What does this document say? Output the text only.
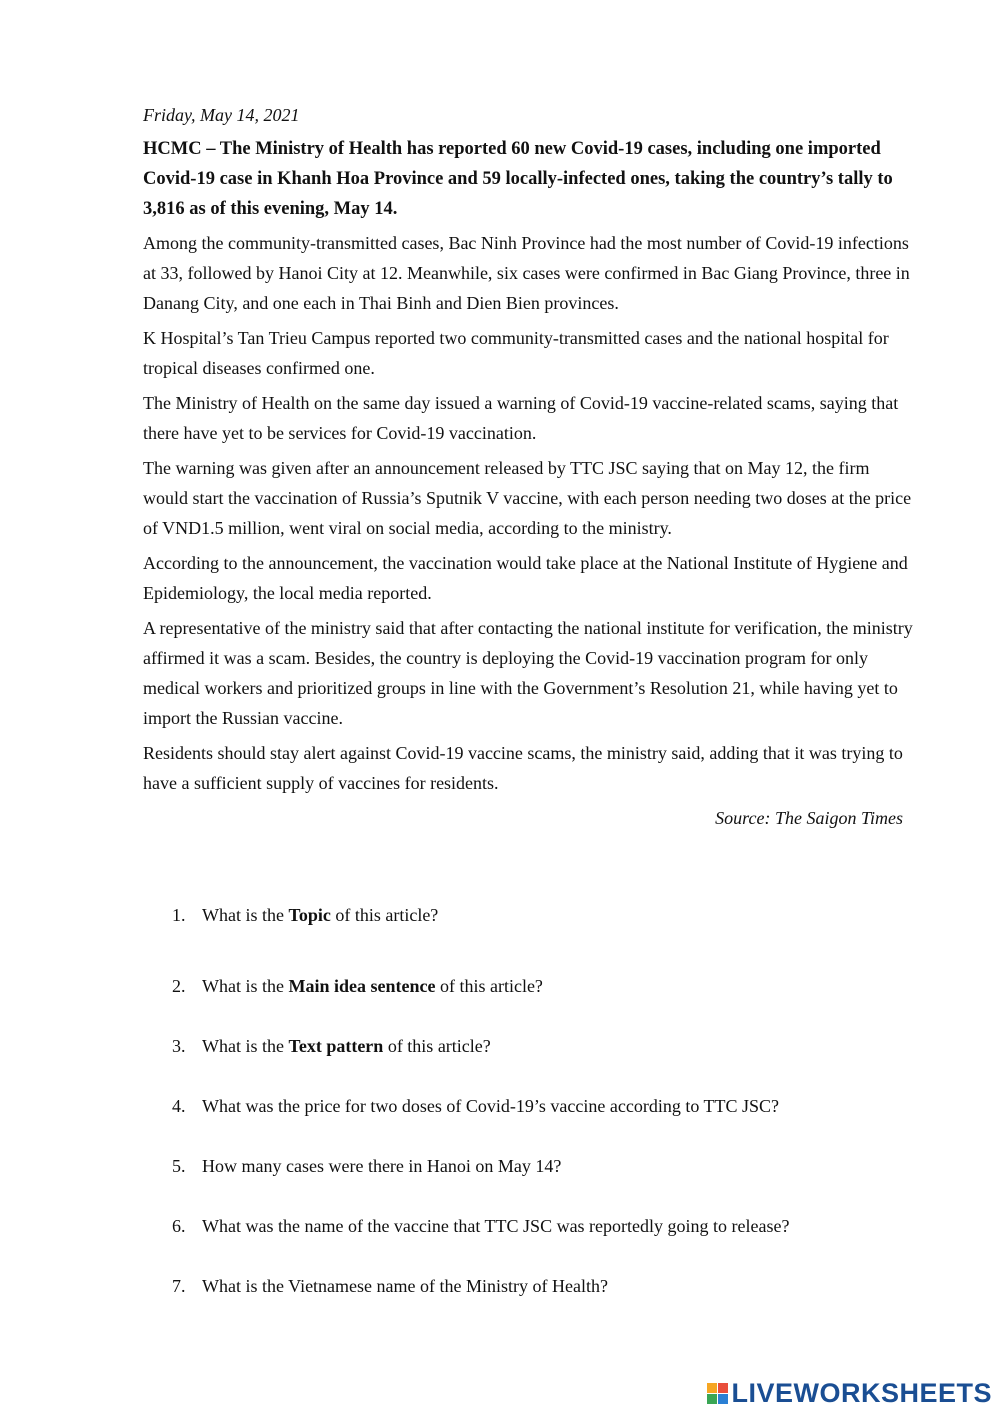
Friday, May 14, 2021

HCMC – The Ministry of Health has reported 60 new Covid-19 cases, including one imported Covid-19 case in Khanh Hoa Province and 59 locally-infected ones, taking the country’s tally to 3,816 as of this evening, May 14.

Among the community-transmitted cases, Bac Ninh Province had the most number of Covid-19 infections at 33, followed by Hanoi City at 12. Meanwhile, six cases were confirmed in Bac Giang Province, three in Danang City, and one each in Thai Binh and Dien Bien provinces.

K Hospital’s Tan Trieu Campus reported two community-transmitted cases and the national hospital for tropical diseases confirmed one.

The Ministry of Health on the same day issued a warning of Covid-19 vaccine-related scams, saying that there have yet to be services for Covid-19 vaccination.

The warning was given after an announcement released by TTC JSC saying that on May 12, the firm would start the vaccination of Russia’s Sputnik V vaccine, with each person needing two doses at the price of VND1.5 million, went viral on social media, according to the ministry.

According to the announcement, the vaccination would take place at the National Institute of Hygiene and Epidemiology, the local media reported.

A representative of the ministry said that after contacting the national institute for verification, the ministry affirmed it was a scam. Besides, the country is deploying the Covid-19 vaccination program for only medical workers and prioritized groups in line with the Government’s Resolution 21, while having yet to import the Russian vaccine.

Residents should stay alert against Covid-19 vaccine scams, the ministry said, adding that it was trying to have a sufficient supply of vaccines for residents.

Source: The Saigon Times

1. What is the Topic of this article?
2. What is the Main idea sentence of this article?
3. What is the Text pattern of this article?
4. What was the price for two doses of Covid-19’s vaccine according to TTC JSC?
5. How many cases were there in Hanoi on May 14?
6. What was the name of the vaccine that TTC JSC was reportedly going to release?
7. What is the Vietnamese name of the Ministry of Health?
LIVEWORKSHEETS
